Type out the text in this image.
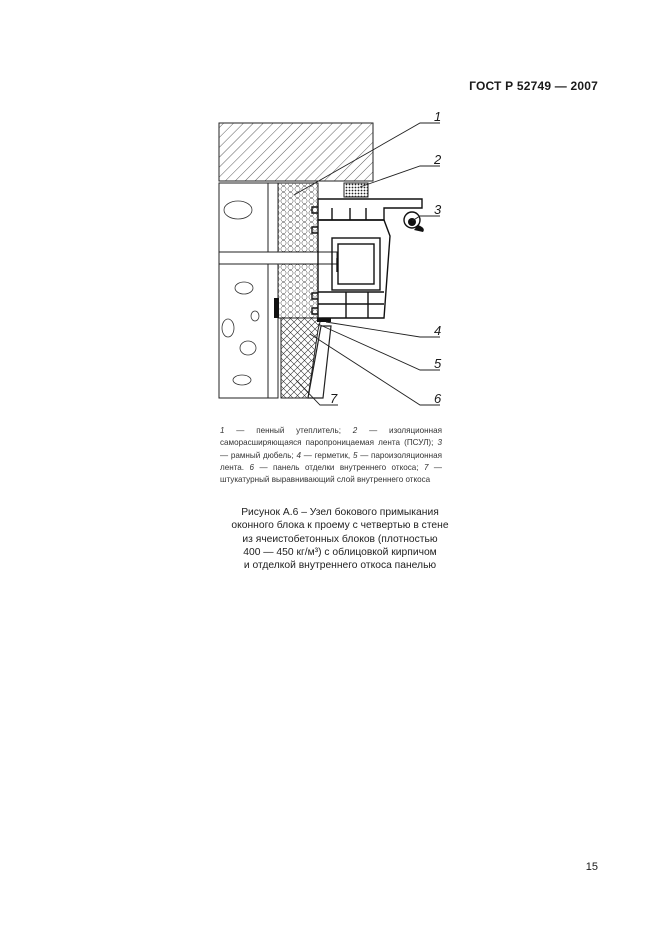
ГОСТ Р 52749 — 2007
1
2
3
4
5
6
7
1 — пенный утеплитель; 2 — изоляционная самораcширяющаяся паропроницаемая лента (ПСУЛ); 3 — рамный дюбель; 4 — герметик, 5 — пароизоляционная лента. 6 — панель отделки внутреннего откоса; 7 — штукатурный выравнивающий слой внутреннего откоса
Рисунок А.6 – Узел бокового примыкания
оконного блока к проему с четвертью в стене
из ячеистобетонных блоков (плотностью
400 — 450 кг/м³) с облицовкой кирпичом
и отделкой внутреннего откоса панелью
15
